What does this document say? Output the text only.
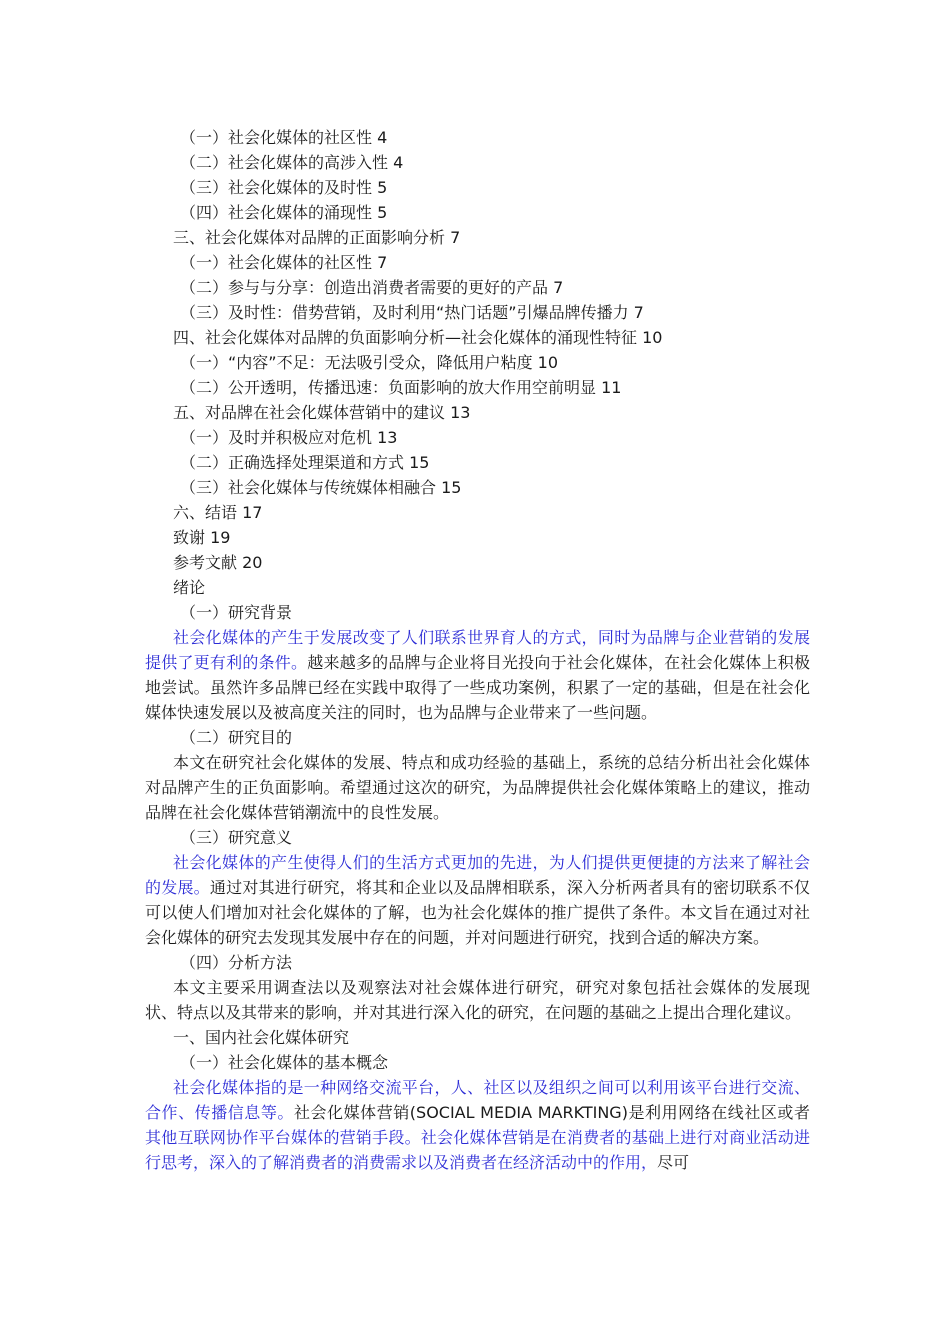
（一）社会化媒体的社区性 4
（二）社会化媒体的高涉入性 4
（三）社会化媒体的及时性 5
（四）社会化媒体的涌现性 5
三、社会化媒体对品牌的正面影响分析 7
（一）社会化媒体的社区性 7
（二）参与与分享：创造出消费者需要的更好的产品 7
（三）及时性：借势营销，及时利用“热门话题”引爆品牌传播力 7
四、社会化媒体对品牌的负面影响分析—社会化媒体的涌现性特征 10
（一）“内容”不足：无法吸引受众，降低用户粘度 10
（二）公开透明，传播迅速：负面影响的放大作用空前明显 11
五、对品牌在社会化媒体营销中的建议 13
（一）及时并积极应对危机 13
（二）正确选择处理渠道和方式 15
（三）社会化媒体与传统媒体相融合 15
六、结语 17
致谢 19
参考文献 20
绪论
（一）研究背景
社会化媒体的产生于发展改变了人们联系世界育人的方式，同时为品牌与企业营销的发展提供了更有利的条件。越来越多的品牌与企业将目光投向于社会化媒体，在社会化媒体上积极地尝试。虽然许多品牌已经在实践中取得了一些成功案例，积累了一定的基础，但是在社会化媒体快速发展以及被高度关注的同时，也为品牌与企业带来了一些问题。
（二）研究目的
本文在研究社会化媒体的发展、特点和成功经验的基础上，系统的总结分析出社会化媒体对品牌产生的正负面影响。希望通过这次的研究，为品牌提供社会化媒体策略上的建议，推动品牌在社会化媒体营销潮流中的良性发展。
（三）研究意义
社会化媒体的产生使得人们的生活方式更加的先进，为人们提供更便捷的方法来了解社会的发展。通过对其进行研究，将其和企业以及品牌相联系，深入分析两者具有的密切联系不仅可以使人们增加对社会化媒体的了解，也为社会化媒体的推广提供了条件。本文旨在通过对社会化媒体的研究去发现其发展中存在的问题，并对问题进行研究，找到合适的解决方案。
（四）分析方法
本文主要采用调查法以及观察法对社会媒体进行研究，研究对象包括社会媒体的发展现状、特点以及其带来的影响，并对其进行深入化的研究，在问题的基础之上提出合理化建议。
一、国内社会化媒体研究
（一）社会化媒体的基本概念
社会化媒体指的是一种网络交流平台，人、社区以及组织之间可以利用该平台进行交流、合作、传播信息等。社会化媒体营销(SOCIAL MEDIA MARKTING)是利用网络在线社区或者其他互联网协作平台媒体的营销手段。社会化媒体营销是在消费者的基础上进行对商业活动进行思考，深入的了解消费者的消费需求以及消费者在经济活动中的作用，尽可
